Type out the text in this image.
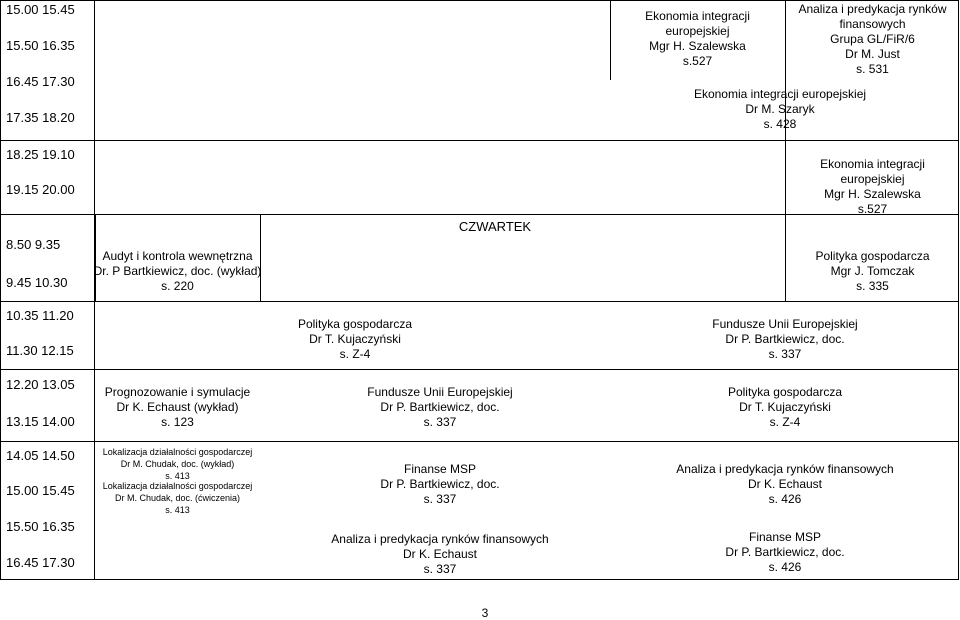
15.00 15.45
15.50 16.35
16.45 17.30
17.35 18.20
18.25 19.10
19.15 20.00
8.50 9.35
9.45 10.30
10.35 11.20
11.30 12.15
12.20 13.05
13.15 14.00
14.05 14.50
15.00 15.45
15.50 16.35
16.45 17.30
CZWARTEK
Ekonomia integracji
europejskiej
Mgr H. Szalewska
s.527
Analiza i predykacja rynków
finansowych
Grupa GL/FiR/6
Dr M. Just
s. 531
Ekonomia integracji europejskiej
Dr M. Szaryk
s. 428
Ekonomia integracji
europejskiej
Mgr H. Szalewska
s.527
Audyt i kontrola wewnętrzna
Dr. P Bartkiewicz, doc. (wykład)
s. 220
Polityka gospodarcza
Mgr J. Tomczak
s. 335
Polityka gospodarcza
Dr T. Kujaczyński
s. Z-4
Fundusze Unii Europejskiej
Dr P. Bartkiewicz, doc.
s. 337
Prognozowanie i symulacje
Dr K. Echaust (wykład)
s. 123
Fundusze Unii Europejskiej
Dr P. Bartkiewicz, doc.
s. 337
Polityka gospodarcza
Dr T. Kujaczyński
s. Z-4
Lokalizacja działalności gospodarczej
Dr M. Chudak, doc. (wykład)
s. 413
Lokalizacja działalności gospodarczej
Dr M. Chudak, doc. (ćwiczenia)
s. 413
Finanse MSP
Dr P. Bartkiewicz, doc.
s. 337
Analiza i predykacja rynków finansowych
Dr K. Echaust
s. 426
Analiza i predykacja rynków finansowych
Dr K. Echaust
s. 337
Finanse MSP
Dr P. Bartkiewicz, doc.
s. 426
3
